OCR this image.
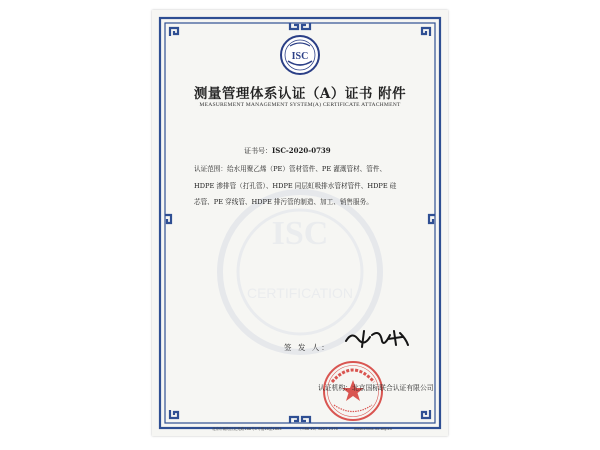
ISC
测量管理体系认证（A）证书 附件
MEASUREMENT MANAGEMENT SYSTEM(A) CERTIFICATE ATTACHMENT
ISC
CERTIFICATION
证书号：ISC-2020-0739
认证范围：给水用聚乙烯（PE）管材管件、PE 灌溉管材、管件、
HDPE 渗排管（打孔管）、HDPE 同层虹吸排水管材管件、HDPE 硅
芯管、PE 穿线管、HDPE 排污管的制造、加工、销售服务。
签 发 人：
认证机构：北京国标联合认证有限公司
北京市朝阳区北苑路168号1号楼16层1603	（+86 10）8225 2376	www.china-isc.org.cn
